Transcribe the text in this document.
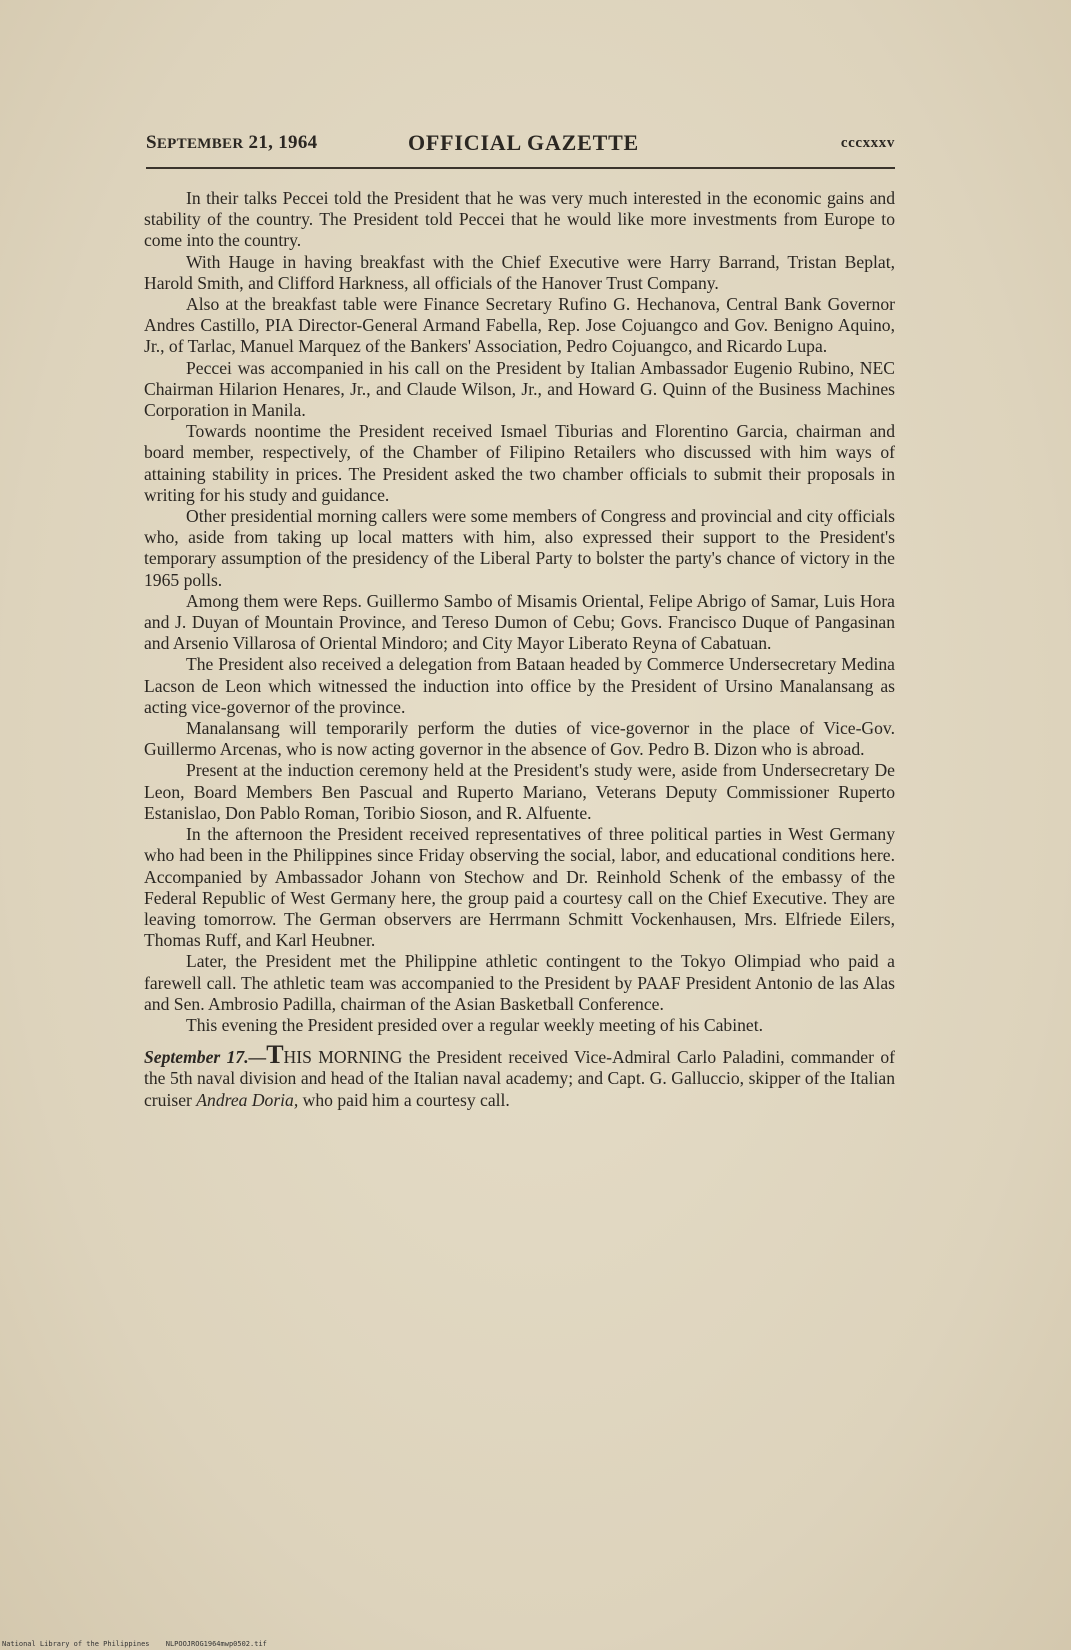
SEPTEMBER 21, 1964	OFFICIAL GAZETTE	cccxxxv

In their talks Peccei told the President that he was very much interested in the economic gains and stability of the country. The President told Peccei that he would like more investments from Europe to come into the country.

With Hauge in having breakfast with the Chief Executive were Harry Barrand, Tristan Beplat, Harold Smith, and Clifford Harkness, all officials of the Hanover Trust Company.

Also at the breakfast table were Finance Secretary Rufino G. Hechanova, Central Bank Governor Andres Castillo, PIA Director-General Armand Fabella, Rep. Jose Cojuangco and Gov. Benigno Aquino, Jr., of Tarlac, Manuel Marquez of the Bankers' Association, Pedro Cojuangco, and Ricardo Lupa.

Peccei was accompanied in his call on the President by Italian Ambassador Eugenio Rubino, NEC Chairman Hilarion Henares, Jr., and Claude Wilson, Jr., and Howard G. Quinn of the Business Machines Corporation in Manila.

Towards noontime the President received Ismael Tiburias and Florentino Garcia, chairman and board member, respectively, of the Chamber of Filipino Retailers who discussed with him ways of attaining stability in prices. The President asked the two chamber officials to submit their proposals in writing for his study and guidance.

Other presidential morning callers were some members of Congress and provincial and city officials who, aside from taking up local matters with him, also expressed their support to the President's temporary assumption of the presidency of the Liberal Party to bolster the party's chance of victory in the 1965 polls.

Among them were Reps. Guillermo Sambo of Misamis Oriental, Felipe Abrigo of Samar, Luis Hora and J. Duyan of Mountain Province, and Tereso Dumon of Cebu; Govs. Francisco Duque of Pangasinan and Arsenio Villarosa of Oriental Mindoro; and City Mayor Liberato Reyna of Cabatuan.

The President also received a delegation from Bataan headed by Commerce Undersecretary Medina Lacson de Leon which witnessed the induction into office by the President of Ursino Manalansang as acting vice-governor of the province.

Manalansang will temporarily perform the duties of vice-governor in the place of Vice-Gov. Guillermo Arcenas, who is now acting governor in the absence of Gov. Pedro B. Dizon who is abroad.

Present at the induction ceremony held at the President's study were, aside from Undersecretary De Leon, Board Members Ben Pascual and Ruperto Mariano, Veterans Deputy Commissioner Ruperto Estanislao, Don Pablo Roman, Toribio Sioson, and R. Alfuente.

In the afternoon the President received representatives of three political parties in West Germany who had been in the Philippines since Friday observing the social, labor, and educational conditions here. Accompanied by Ambassador Johann von Stechow and Dr. Reinhold Schenk of the embassy of the Federal Republic of West Germany here, the group paid a courtesy call on the Chief Executive. They are leaving tomorrow. The German observers are Herrmann Schmitt Vockenhausen, Mrs. Elfriede Eilers, Thomas Ruff, and Karl Heubner.

Later, the President met the Philippine athletic contingent to the Tokyo Olimpiad who paid a farewell call. The athletic team was accompanied to the President by PAAF President Antonio de las Alas and Sen. Ambrosio Padilla, chairman of the Asian Basketball Conference.

This evening the President presided over a regular weekly meeting of his Cabinet.

September 17.—THIS MORNING the President received Vice-Admiral Carlo Paladini, commander of the 5th naval division and head of the Italian naval academy; and Capt. G. Galluccio, skipper of the Italian cruiser Andrea Doria, who paid him a courtesy call.
National Library of the Philippines NLPOOJROG1964mwp0502.tif
